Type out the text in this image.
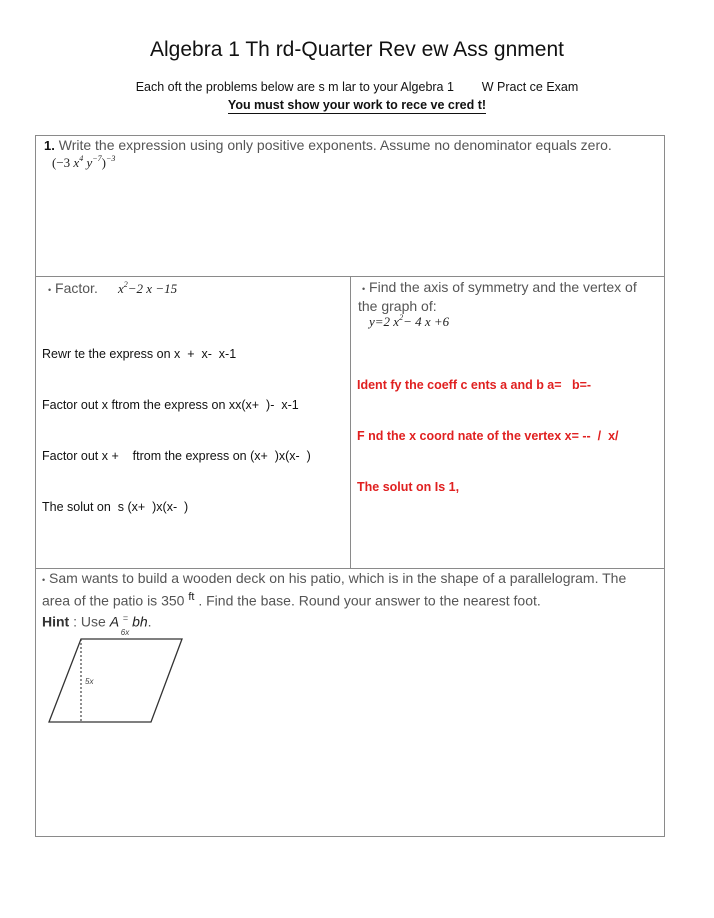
Algebra 1 Th rd-Quarter Rev ew Ass gnment
Each oft the problems below are s m lar to your Algebra 1        W Pract ce Exam
You must show your work to rece ve cred t!
1. Write the expression using only positive exponents. Assume no denominator equals zero.
(−3 $x^4$ $y^{-7})^{-3}$
• Factor. $x^2-2$ x −15

Rewr te the express on x  +  x-  x-1

Factor out x ftrom the express on xx(x+  )-  x-1

Factor out x +    ftrom the express on (x+  )x(x-  )

The solut on  s (x+  )x(x-  )

• Find the axis of symmetry and the vertex of
the graph of:
y=2 $x^2- 4$ x +6

Ident fy the coeff c ents a and b a=   b=-

F nd the x coord nate of the vertex x= --  /  x/

The solut on Is 1,

• Sam wants to build a wooden deck on his patio, which is in the shape of a parallelogram. The
area of the patio is 350 $^{ft}$ . Find the base. Round your answer to the nearest foot.
Hint : Use A = bh.
6x
5x
